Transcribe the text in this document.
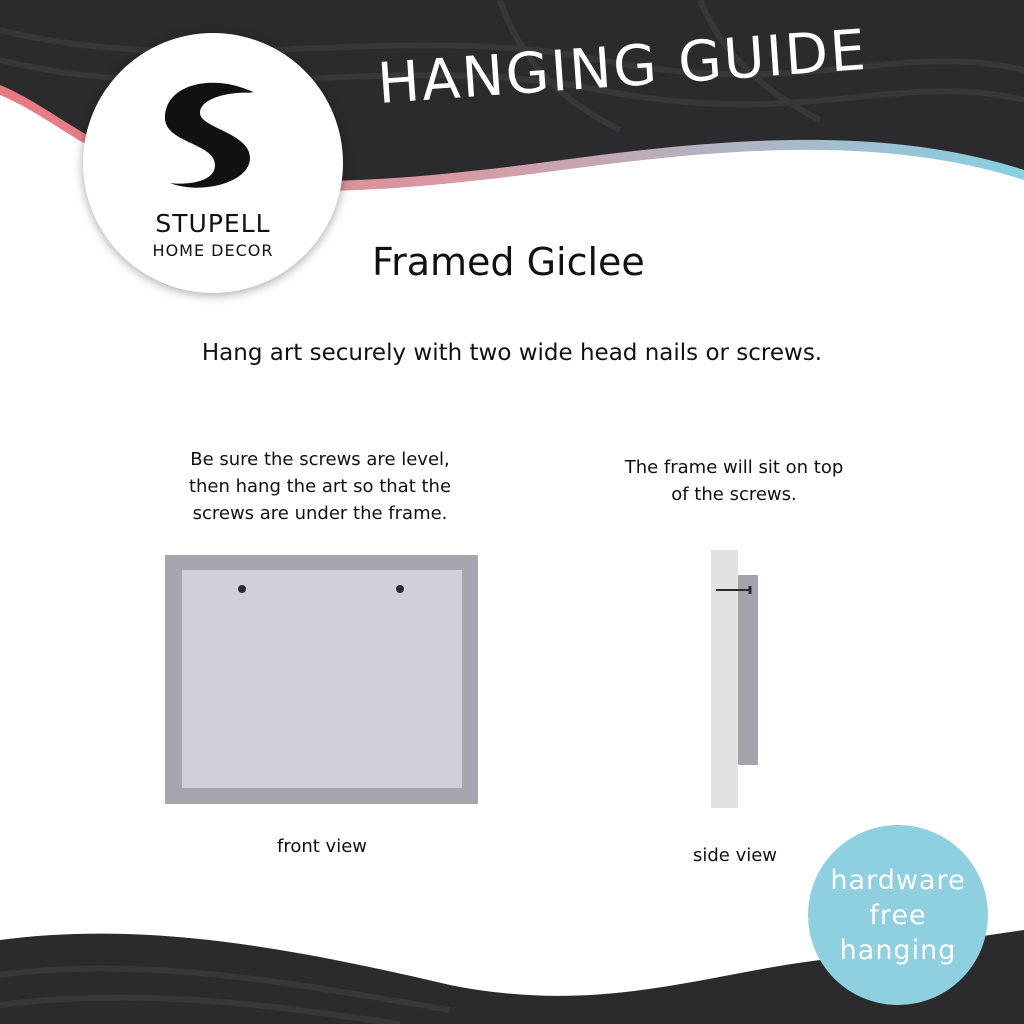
STUPELL
HOME DECOR
HANGING GUIDE
Framed Giclee
Hang art securely with two wide head nails or screws.
Be sure the screws are level,
then hang the art so that the
screws are under the frame.
The frame will sit on top
of the screws.
front view	side view
hardware
free
hanging
